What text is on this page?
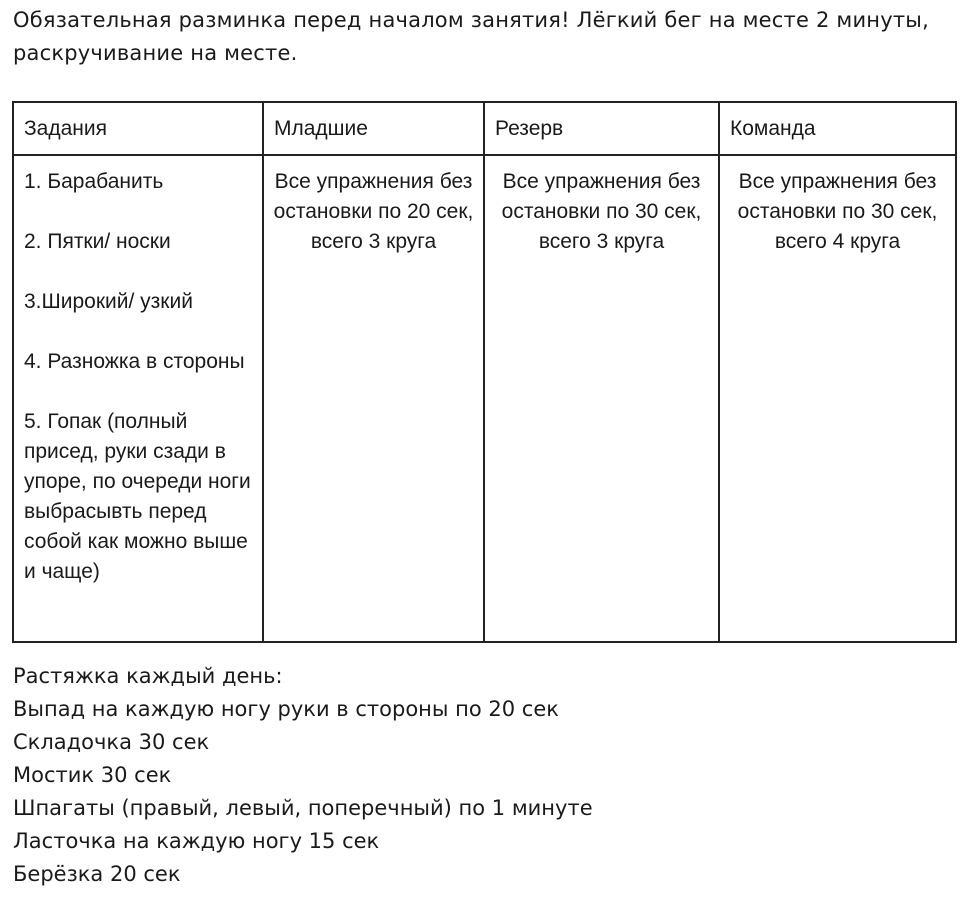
Обязательная разминка перед началом занятия! Лёгкий бег на месте 2 минуты,
раскручивание на месте.
Задания	Младшие	Резерв	Команда

1. Барабанить
2. Пятки/ носки
3.Широкий/ узкий
4. Разножка в стороны
5. Гопак (полный присед, руки сзади в упоре, по очереди ноги выбрасывть перед собой как можно выше и чаще)	Все упражнения без остановки по 20 сек, всего 3 круга	Все упражнения без остановки по 30 сек, всего 3 круга	Все упражнения без остановки по 30 сек, всего 4 круга
Растяжка каждый день:
Выпад на каждую ногу руки в стороны по 20 сек
Складочка 30 сек
Мостик 30 сек
Шпагаты (правый, левый, поперечный) по 1 минуте
Ласточка на каждую ногу 15 сек
Берёзка 20 сек
